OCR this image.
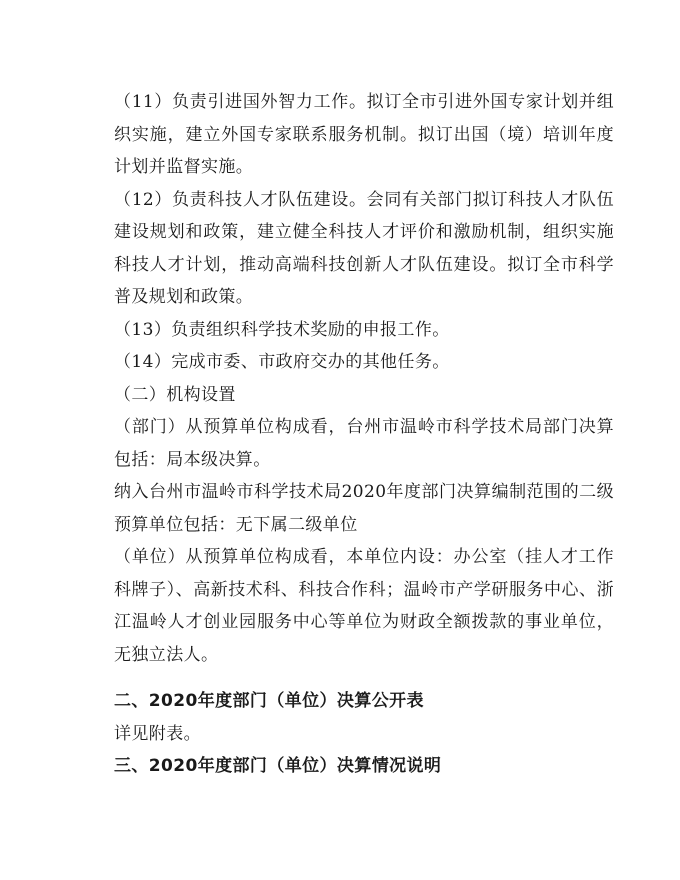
（11）负责引进国外智力工作。拟订全市引进外国专家计划并组织实施，建立外国专家联系服务机制。拟订出国（境）培训年度计划并监督实施。

（12）负责科技人才队伍建设。会同有关部门拟订科技人才队伍建设规划和政策，建立健全科技人才评价和激励机制，组织实施科技人才计划，推动高端科技创新人才队伍建设。拟订全市科学普及规划和政策。

（13）负责组织科学技术奖励的申报工作。

（14）完成市委、市政府交办的其他任务。

（二）机构设置

（部门）从预算单位构成看，台州市温岭市科学技术局部门决算包括：局本级决算。

纳入台州市温岭市科学技术局2020年度部门决算编制范围的二级预算单位包括：无下属二级单位

（单位）从预算单位构成看，本单位内设：办公室（挂人才工作科牌子）、高新技术科、科技合作科；温岭市产学研服务中心、浙江温岭人才创业园服务中心等单位为财政全额拨款的事业单位，无独立法人。

二、2020年度部门（单位）决算公开表

详见附表。

三、2020年度部门（单位）决算情况说明
